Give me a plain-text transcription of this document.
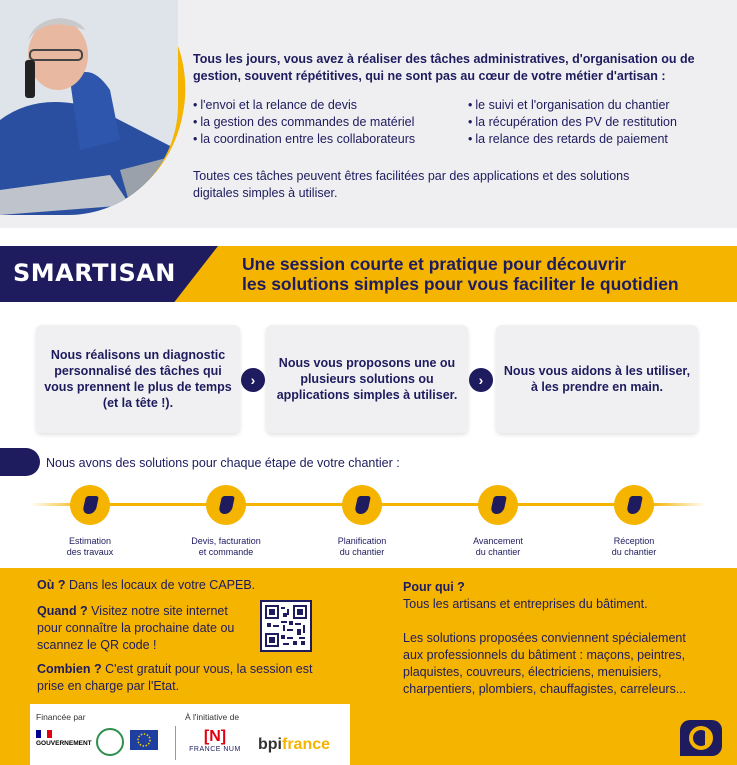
Tous les jours, vous avez à réaliser des tâches administratives, d'organisation ou de gestion, souvent répétitives, qui ne sont pas au cœur de votre métier d'artisan :
• l'envoi et la relance de devis
• la gestion des commandes de matériel
• la coordination entre les collaborateurs
• le suivi et l'organisation du chantier
• la récupération des PV de restitution
• la relance des retards de paiement
Toutes ces tâches peuvent êtres facilitées par des applications et des solutions digitales simples à utiliser.
SMARTISAN	Une session courte et pratique pour découvrir
les solutions simples pour vous faciliter le quotidien
Nous réalisons un diagnostic personnalisé des tâches qui vous prennent le plus de temps (et la tête !).
›
Nous vous proposons une ou plusieurs solutions ou applications simples à utiliser.
›
Nous vous aidons à les utiliser, à les prendre en main.
Nous avons des solutions pour chaque étape de votre chantier :
Estimation
des travaux
Devis, facturation
et commande
Planification
du chantier
Avancement
du chantier
Réception
du chantier
Où ? Dans les locaux de votre CAPEB.
Quand ? Visitez notre site internet pour connaître la prochaine date ou scannez le QR code !
Combien ? C'est gratuit pour vous, la session est prise en charge par l'Etat.
Pour qui ?
Tous les artisans et entreprises du bâtiment.
Les solutions proposées conviennent spécialement aux professionnels du bâtiment : maçons, peintres, plaquistes, couvreurs, électriciens, menuisiers, charpentiers, plombiers, chauffagistes, carreleurs...
Financée par	À l'initiative de
GOUVERNEMENT	[N]
FRANCE NUM bpifrance
